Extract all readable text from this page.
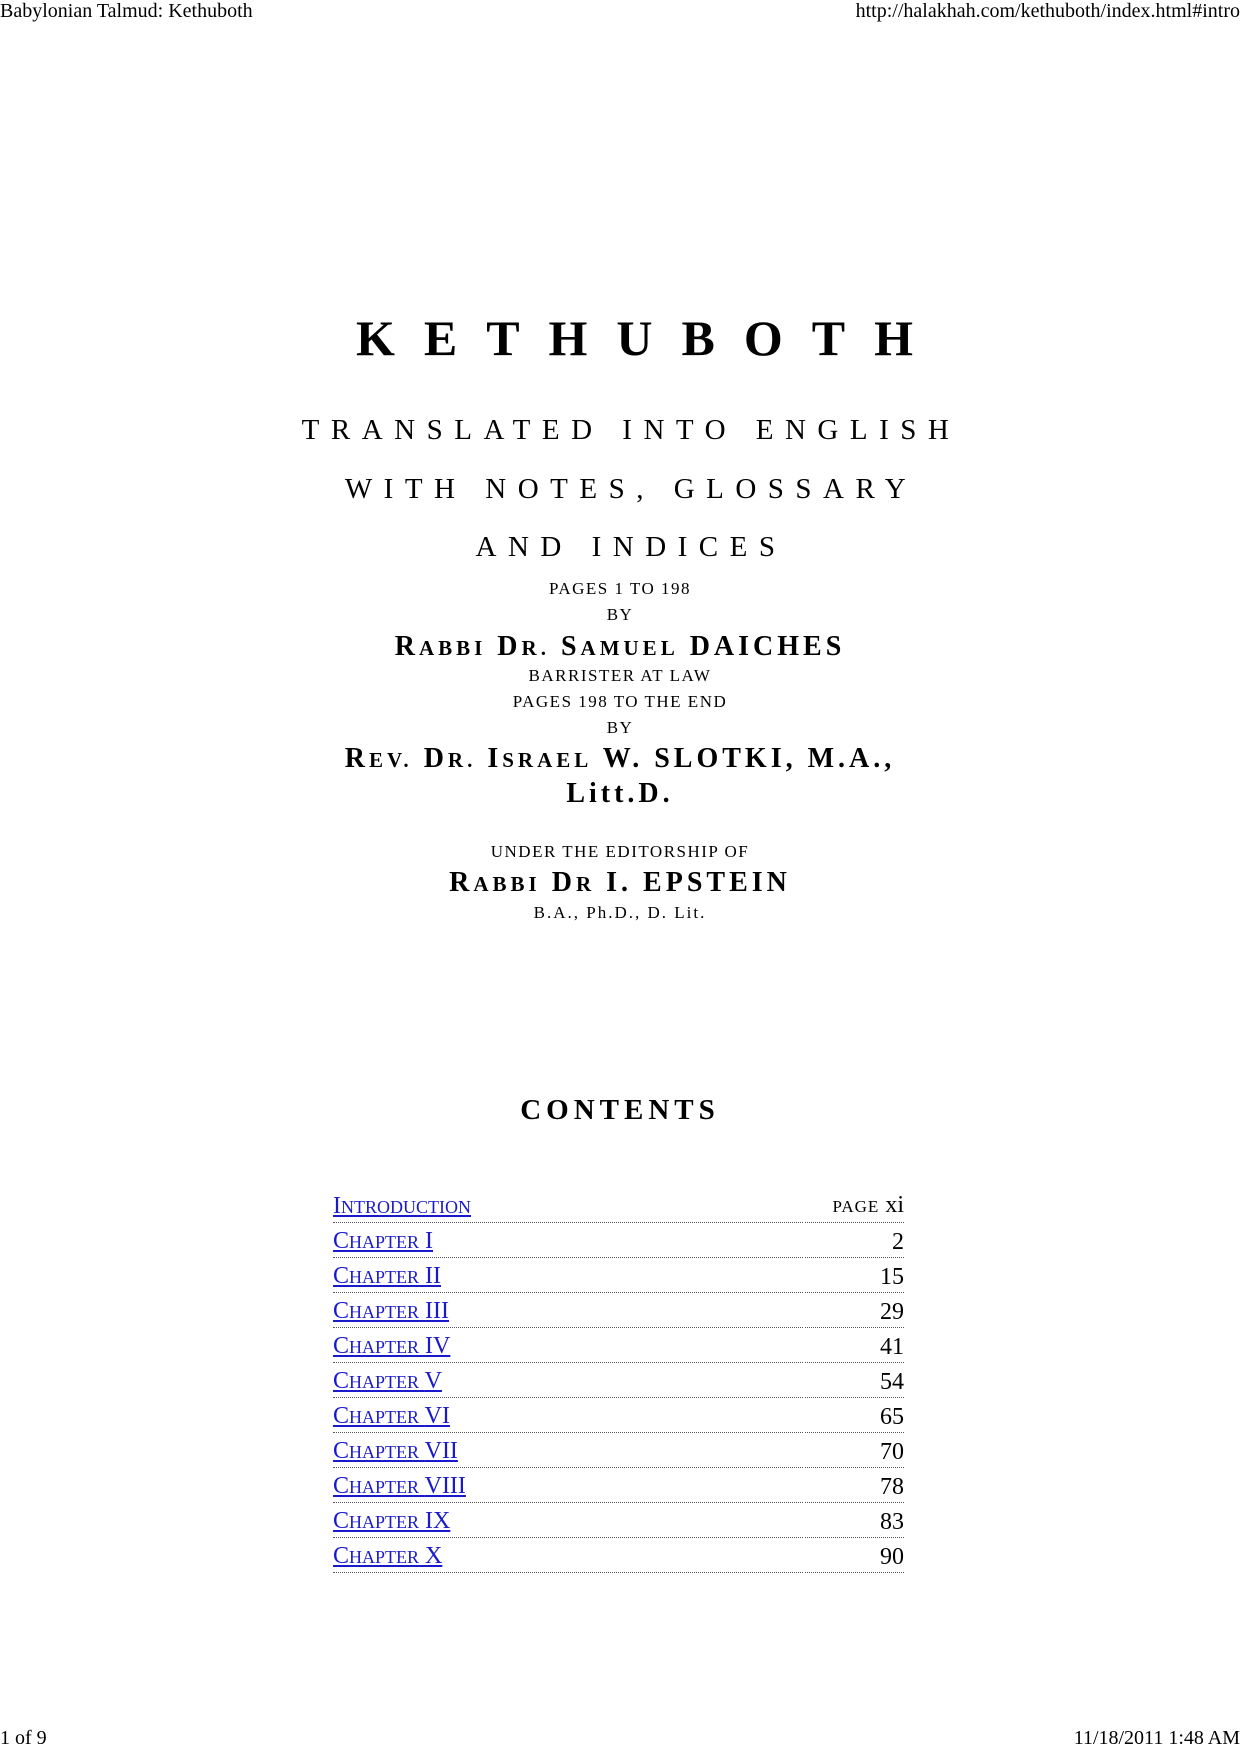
Babylonian Talmud: Kethuboth	http://halakhah.com/kethuboth/index.html#intro
KETHUBOTH
TRANSLATED INTO ENGLISH
WITH NOTES, GLOSSARY
AND INDICES
PAGES 1 TO 198
BY
RABBI DR. SAMUEL DAICHES
BARRISTER AT LAW
PAGES 198 TO THE END
BY
REV. DR. ISRAEL W. SLOTKI, M.A.,
Litt.D.
UNDER THE EDITORSHIP OF
RABBI DR I. EPSTEIN
B.A., Ph.D., D. Lit.
CONTENTS
INTRODUCTION	PAGE xi
CHAPTER I	2
CHAPTER II	15
CHAPTER III	29
CHAPTER IV	41
CHAPTER V	54
CHAPTER VI	65
CHAPTER VII	70
CHAPTER VIII	78
CHAPTER IX	83
CHAPTER X	90
1 of 9	11/18/2011 1:48 AM
